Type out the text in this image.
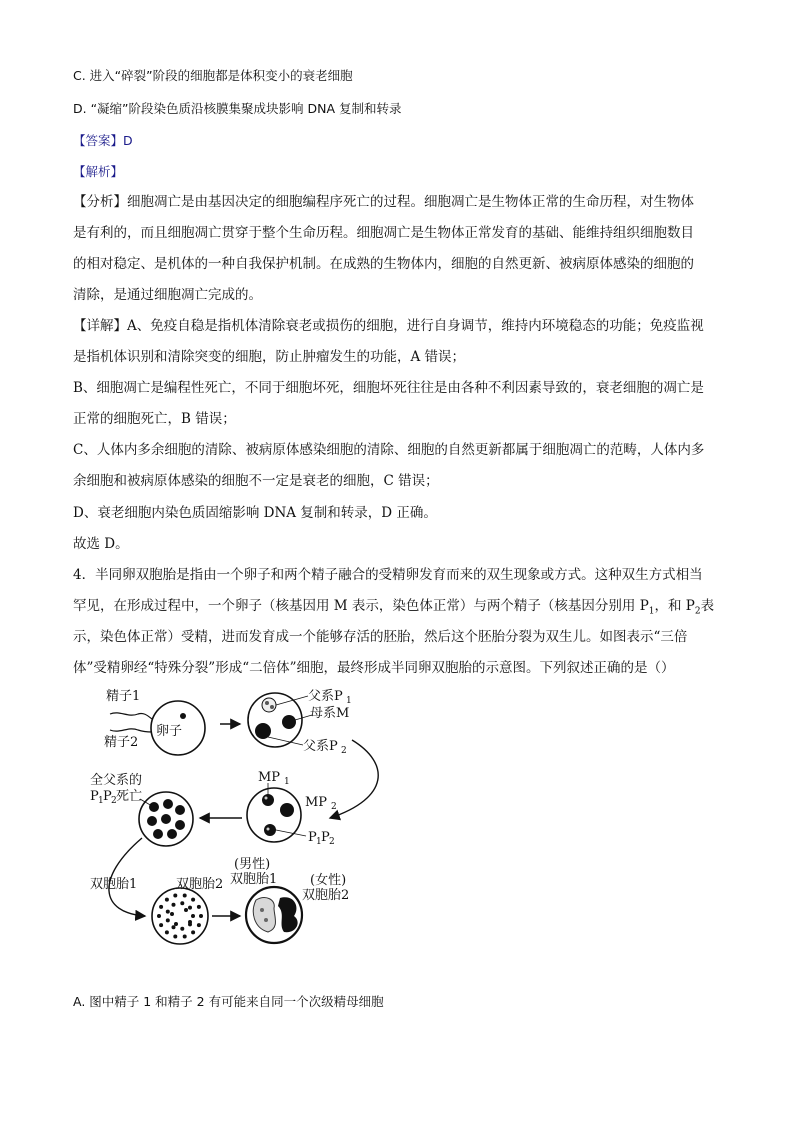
C. 进入“碎裂”阶段的细胞都是体积变小的衰老细胞
D. “凝缩”阶段染色质沿核膜集聚成块影响 DNA 复制和转录
【答案】D
【解析】
【分析】细胞凋亡是由基因决定的细胞编程序死亡的过程。细胞凋亡是生物体正常的生命历程，对生物体
是有利的，而且细胞凋亡贯穿于整个生命历程。细胞凋亡是生物体正常发育的基础、能维持组织细胞数目
的相对稳定、是机体的一种自我保护机制。在成熟的生物体内，细胞的自然更新、被病原体感染的细胞的
清除，是通过细胞凋亡完成的。
【详解】A、免疫自稳是指机体清除衰老或损伤的细胞，进行自身调节，维持内环境稳态的功能；免疫监视
是指机体识别和清除突变的细胞，防止肿瘤发生的功能，A 错误；
B、细胞凋亡是编程性死亡，不同于细胞坏死，细胞坏死往往是由各种不利因素导致的，衰老细胞的凋亡是
正常的细胞死亡，B 错误；
C、人体内多余细胞的清除、被病原体感染细胞的清除、细胞的自然更新都属于细胞凋亡的范畴，人体内多
余细胞和被病原体感染的细胞不一定是衰老的细胞，C 错误；
D、衰老细胞内染色质固缩影响 DNA 复制和转录，D 正确。
故选 D。
4．半同卵双胞胎是指由一个卵子和两个精子融合的受精卵发育而来的双生现象或方式。这种双生方式相当
罕见，在形成过程中，一个卵子（核基因用 M 表示，染色体正常）与两个精子（核基因分别用 $P_1$，和 $P_2$表
示，染色体正常）受精，进而发育成一个能够存活的胚胎，然后这个胚胎分裂为双生儿。如图表示“三倍
体”受精卵经“特殊分裂”形成“二倍体”细胞，最终形成半同卵双胞胎的示意图。下列叙述正确的是（）
卵子
精子1
精子2
父系P 1
母系M
父系P 2
MP 1
MP 2
P 1 P 2
全父系的
P 1 P 2 死亡
双胞胎1	双胞胎2
(男性)
双胞胎1	(女性)
双胞胎2
A. 图中精子 1 和精子 2 有可能来自同一个次级精母细胞
